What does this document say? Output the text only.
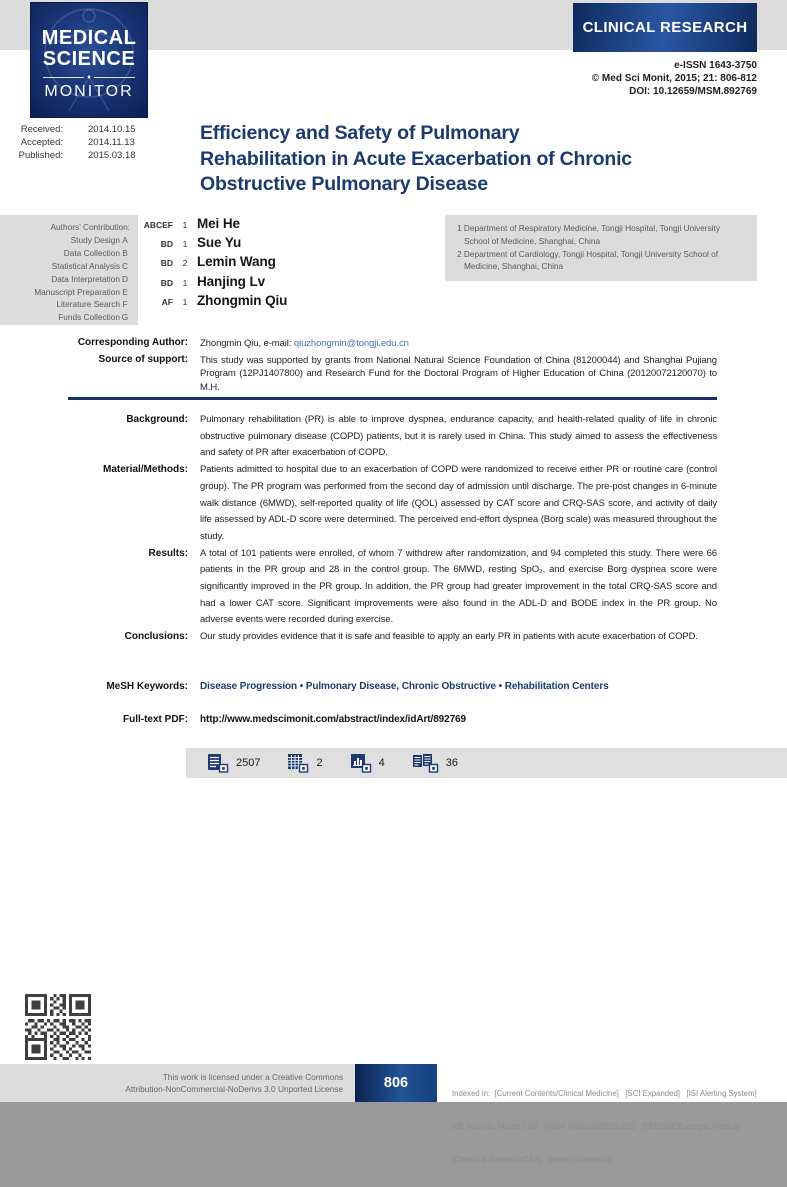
MEDICAL
SCIENCE
♦
MONITOR
CLINICAL RESEARCH
e-ISSN 1643-3750
© Med Sci Monit, 2015; 21: 806-812
DOI: 10.12659/MSM.892769
Received:	2014.10.15
Accepted:	2014.11.13
Published:	2015.03.18
Efficiency and Safety of Pulmonary
Rehabilitation in Acute Exacerbation of Chronic
Obstructive Pulmonary Disease
Authors’ Contribution:
Study Design A
Data Collection B
Statistical Analysis C
Data Interpretation D
Manuscript Preparation E
Literature Search F
Funds Collection G
ABCEF	1 Mei He
BD	1 Sue Yu
BD	2 Lemin Wang
BD	1 Hanjing Lv
AF	1 Zhongmin Qiu
1 Department of Respiratory Medicine, Tongji Hospital, Tongji University School of Medicine, Shanghai, China
2 Department of Cardiology, Tongji Hospital, Tongji University School of Medicine, Shanghai, China
Corresponding Author:	Zhongmin Qiu, e-mail: qiuzhongmin@tongji.edu.cn
Source of support:	This study was supported by grants from National Natural Science Foundation of China (81200044) and Shanghai Pujiang Program (12PJ1407800) and Research Fund for the Doctoral Program of Higher Education of China (20120072120070) to M.H.
Background:	Pulmonary rehabilitation (PR) is able to improve dyspnea, endurance capacity, and health-related quality of life in chronic obstructive pulmonary disease (COPD) patients, but it is rarely used in China. This study aimed to assess the effectiveness and safety of PR after exacerbation of COPD.
Material/Methods:	Patients admitted to hospital due to an exacerbation of COPD were randomized to receive either PR or routine care (control group). The PR program was performed from the second day of admission until discharge. The pre-post changes in 6-minute walk distance (6MWD), self-reported quality of life (QOL) assessed by CAT score and CRQ-SAS score, and activity of daily life assessed by ADL-D score were determined. The perceived end-effort dyspnea (Borg scale) was measured throughout the study.
Results:	A total of 101 patients were enrolled, of whom 7 withdrew after randomization, and 94 completed this study. There were 66 patients in the PR group and 28 in the control group. The 6MWD, resting SpO₂, and exercise Borg dyspnea score were significantly improved in the PR group. In addition, the PR group had greater improvement in the total CRQ-SAS score and had a lower CAT score. Significant improvements were also found in the ADL-D and BODE index in the PR group. No adverse events were recorded during exercise.
Conclusions:	Our study provides evidence that it is safe and feasible to apply an early PR in patients with acute exacerbation of COPD.
MeSH Keywords:	Disease Progression • Pulmonary Disease, Chronic Obstructive • Rehabilitation Centers
Full-text PDF:	http://www.medscimonit.com/abstract/index/idArt/892769
2507	2	4	36
This work is licensed under a Creative Commons
Attribution-NonCommercial-NoDerivs 3.0 Unported License	806

Indexed in:  [Current Contents/Clinical Medicine]   [SCI Expanded]   [ISI Alerting System]

[ISI Journals Master List]   [Index Medicus/MEDLINE]   [EMBASE/Excerpta Medica]

[Chemical Abstracts/CAS]   [Index Copernicus]
